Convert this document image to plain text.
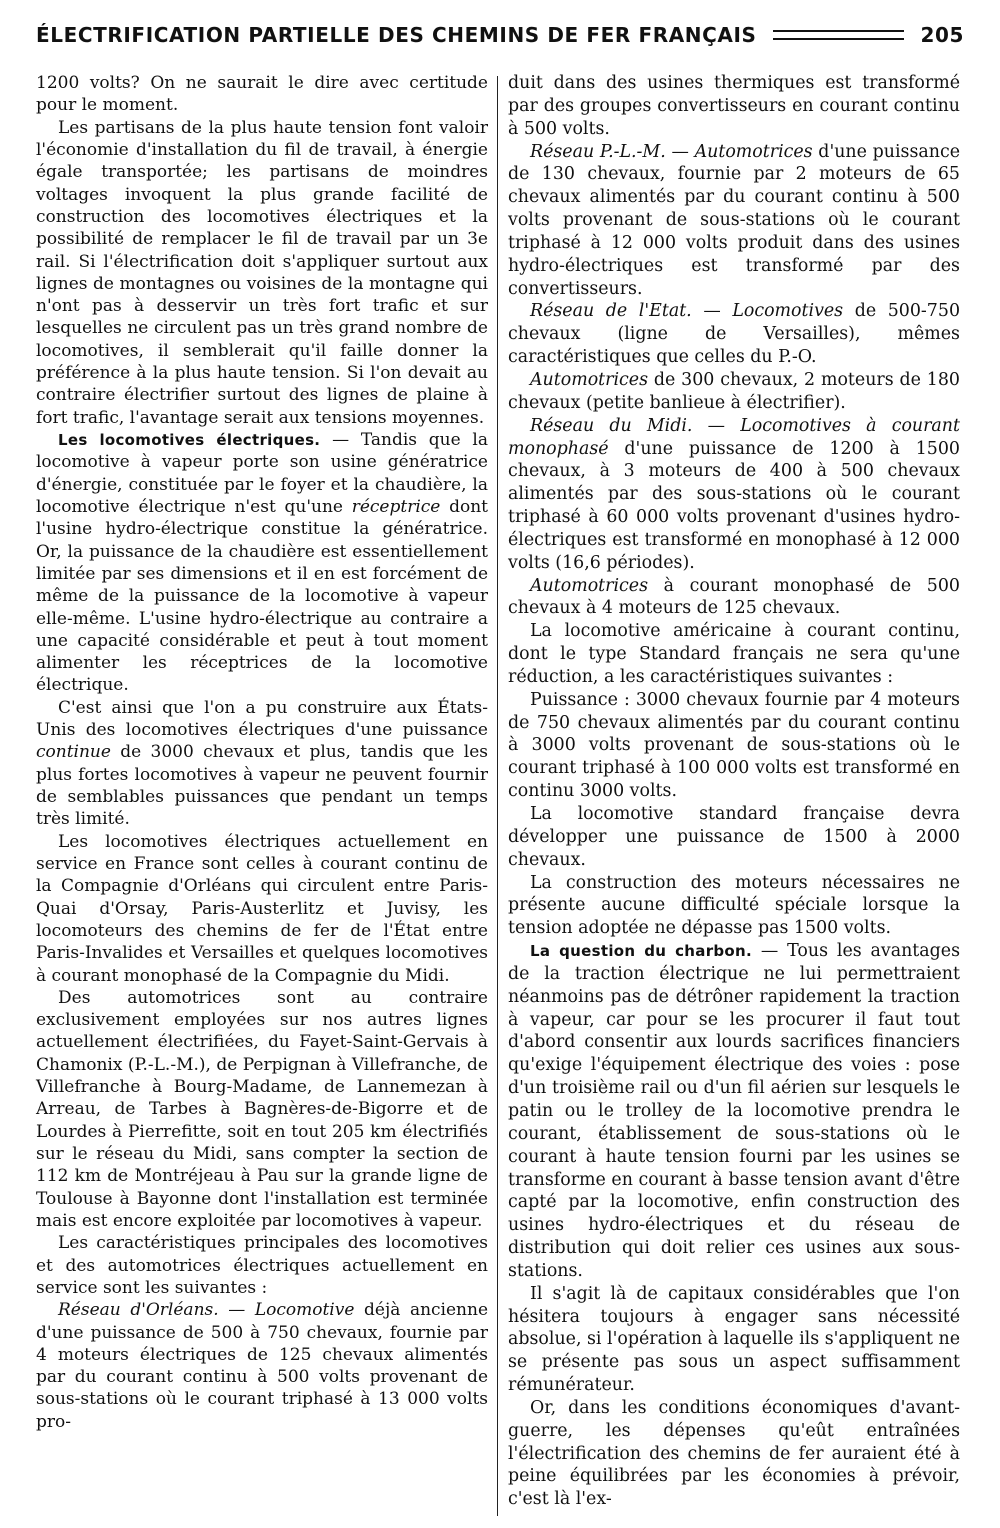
ÉLECTRIFICATION PARTIELLE DES CHEMINS DE FER FRANÇAIS	205

1200 volts? On ne saurait le dire avec certitude pour le moment.

Les partisans de la plus haute tension font valoir l'économie d'installation du fil de travail, à énergie égale transportée; les partisans de moindres voltages invoquent la plus grande facilité de construction des locomotives électriques et la possibilité de remplacer le fil de travail par un 3e rail. Si l'électrification doit s'appliquer surtout aux lignes de montagnes ou voisines de la montagne qui n'ont pas à desservir un très fort trafic et sur lesquelles ne circulent pas un très grand nombre de locomotives, il semblerait qu'il faille donner la préférence à la plus haute tension. Si l'on devait au contraire électrifier surtout des lignes de plaine à fort trafic, l'avantage serait aux tensions moyennes.

Les locomotives électriques. — Tandis que la locomotive à vapeur porte son usine génératrice d'énergie, constituée par le foyer et la chaudière, la locomotive électrique n'est qu'une réceptrice dont l'usine hydro-électrique constitue la génératrice. Or, la puissance de la chaudière est essentiellement limitée par ses dimensions et il en est forcément de même de la puissance de la locomotive à vapeur elle-même. L'usine hydro-électrique au contraire a une capacité considérable et peut à tout moment alimenter les réceptrices de la locomotive électrique.

C'est ainsi que l'on a pu construire aux États-Unis des locomotives électriques d'une puissance continue de 3000 chevaux et plus, tandis que les plus fortes locomotives à vapeur ne peuvent fournir de semblables puissances que pendant un temps très limité.

Les locomotives électriques actuellement en service en France sont celles à courant continu de la Compagnie d'Orléans qui circulent entre Paris-Quai d'Orsay, Paris-Austerlitz et Juvisy, les locomoteurs des chemins de fer de l'État entre Paris-Invalides et Versailles et quelques locomotives à courant monophasé de la Compagnie du Midi.

Des automotrices sont au contraire exclusivement employées sur nos autres lignes actuellement électrifiées, du Fayet-Saint-Gervais à Chamonix (P.-L.-M.), de Perpignan à Villefranche, de Villefranche à Bourg-Madame, de Lannemezan à Arreau, de Tarbes à Bagnères-de-Bigorre et de Lourdes à Pierrefitte, soit en tout 205 km électrifiés sur le réseau du Midi, sans compter la section de 112 km de Montréjeau à Pau sur la grande ligne de Toulouse à Bayonne dont l'installation est terminée mais est encore exploitée par locomotives à vapeur.

Les caractéristiques principales des locomotives et des automotrices électriques actuellement en service sont les suivantes :

Réseau d'Orléans. — Locomotive déjà ancienne d'une puissance de 500 à 750 chevaux, fournie par 4 moteurs électriques de 125 chevaux alimentés par du courant continu à 500 volts provenant de sous-stations où le courant triphasé à 13 000 volts pro-

duit dans des usines thermiques est transformé par des groupes convertisseurs en courant continu à 500 volts.

Réseau P.-L.-M. — Automotrices d'une puissance de 130 chevaux, fournie par 2 moteurs de 65 chevaux alimentés par du courant continu à 500 volts provenant de sous-stations où le courant triphasé à 12 000 volts produit dans des usines hydro-électriques est transformé par des convertisseurs.

Réseau de l'Etat. — Locomotives de 500-750 chevaux (ligne de Versailles), mêmes caractéristiques que celles du P.-O.

Automotrices de 300 chevaux, 2 moteurs de 180 chevaux (petite banlieue à électrifier).

Réseau du Midi. — Locomotives à courant monophasé d'une puissance de 1200 à 1500 chevaux, à 3 moteurs de 400 à 500 chevaux alimentés par des sous-stations où le courant triphasé à 60 000 volts provenant d'usines hydro-électriques est transformé en monophasé à 12 000 volts (16,6 périodes).

Automotrices à courant monophasé de 500 chevaux à 4 moteurs de 125 chevaux.

La locomotive américaine à courant continu, dont le type Standard français ne sera qu'une réduction, a les caractéristiques suivantes :

Puissance : 3000 chevaux fournie par 4 moteurs de 750 chevaux alimentés par du courant continu à 3000 volts provenant de sous-stations où le courant triphasé à 100 000 volts est transformé en continu 3000 volts.

La locomotive standard française devra développer une puissance de 1500 à 2000 chevaux.

La construction des moteurs nécessaires ne présente aucune difficulté spéciale lorsque la tension adoptée ne dépasse pas 1500 volts.

La question du charbon. — Tous les avantages de la traction électrique ne lui permettraient néanmoins pas de détrôner rapidement la traction à vapeur, car pour se les procurer il faut tout d'abord consentir aux lourds sacrifices financiers qu'exige l'équipement électrique des voies : pose d'un troisième rail ou d'un fil aérien sur lesquels le patin ou le trolley de la locomotive prendra le courant, établissement de sous-stations où le courant à haute tension fourni par les usines se transforme en courant à basse tension avant d'être capté par la locomotive, enfin construction des usines hydro-électriques et du réseau de distribution qui doit relier ces usines aux sous-stations.

Il s'agit là de capitaux considérables que l'on hésitera toujours à engager sans nécessité absolue, si l'opération à laquelle ils s'appliquent ne se présente pas sous un aspect suffisamment rémunérateur.

Or, dans les conditions économiques d'avant-guerre, les dépenses qu'eût entraînées l'électrification des chemins de fer auraient été à peine équilibrées par les économies à prévoir, c'est là l'ex-
